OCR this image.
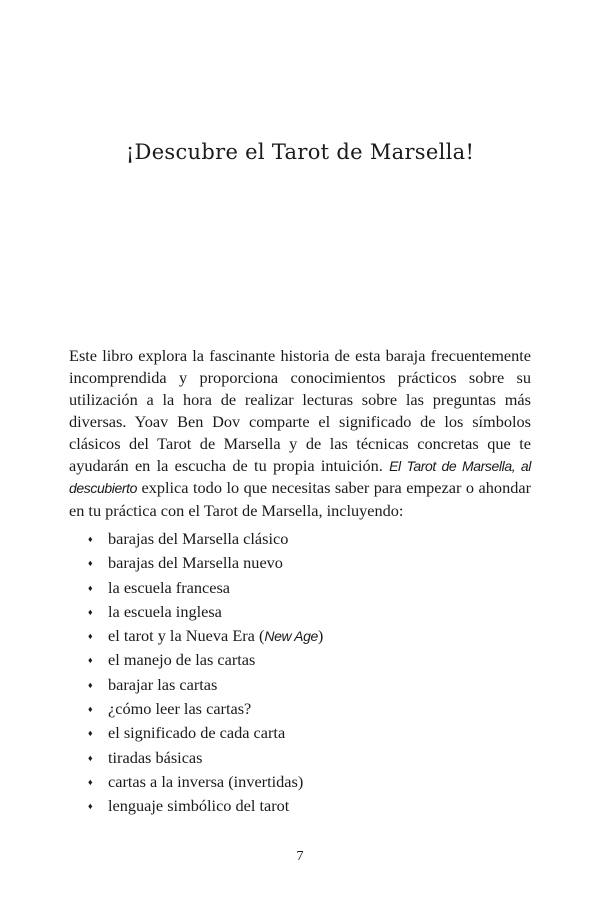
¡Descubre el Tarot de Marsella!

Este libro explora la fascinante historia de esta baraja frecuentemente incomprendida y proporciona conocimientos prácticos sobre su utilización a la hora de realizar lecturas sobre las preguntas más diversas. Yoav Ben Dov comparte el significado de los símbolos clásicos del Tarot de Marsella y de las técnicas concretas que te ayudarán en la escucha de tu propia intuición. El Tarot de Marsella, al descubierto explica todo lo que necesitas saber para empezar o ahondar en tu práctica con el Tarot de Marsella, incluyendo:

♦ barajas del Marsella clásico
♦ barajas del Marsella nuevo
♦ la escuela francesa
♦ la escuela inglesa
♦ el tarot y la Nueva Era ( New Age )
♦ el manejo de las cartas
♦ barajar las cartas
♦ ¿cómo leer las cartas?
♦ el significado de cada carta
♦ tiradas básicas
♦ cartas a la inversa (invertidas)
♦ lenguaje simbólico del tarot
7
